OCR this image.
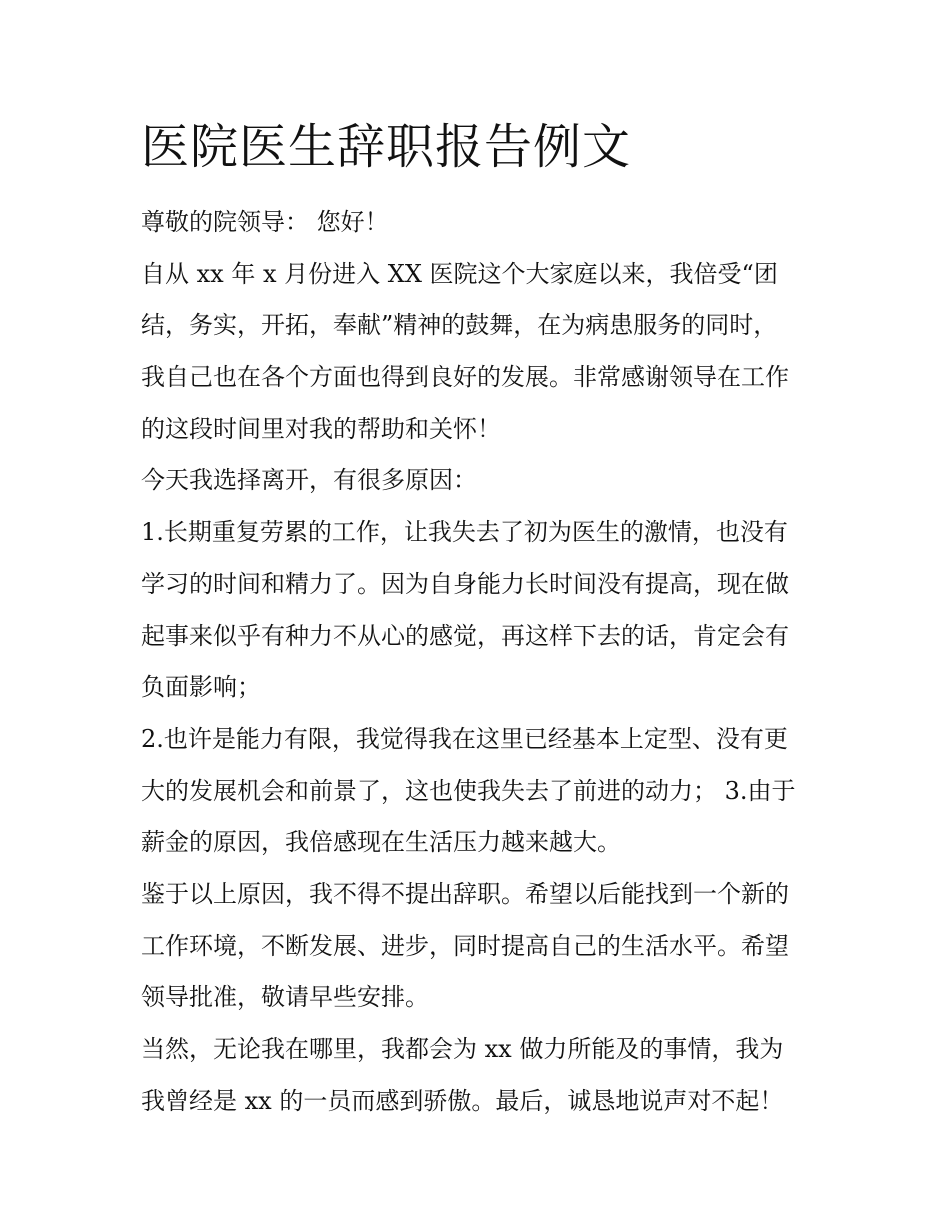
医院医生辞职报告例文
尊敬的院领导： 您好！
自从 xx 年 x 月份进入 XX 医院这个大家庭以来，我倍受“团
结，务实，开拓，奉献”精神的鼓舞，在为病患服务的同时，
我自己也在各个方面也得到良好的发展。非常感谢领导在工作
的这段时间里对我的帮助和关怀！
今天我选择离开，有很多原因：
1.长期重复劳累的工作，让我失去了初为医生的激情，也没有
学习的时间和精力了。因为自身能力长时间没有提高，现在做
起事来似乎有种力不从心的感觉，再这样下去的话，肯定会有
负面影响；
2.也许是能力有限，我觉得我在这里已经基本上定型、没有更
大的发展机会和前景了，这也使我失去了前进的动力； 3.由于
薪金的原因，我倍感现在生活压力越来越大。
鉴于以上原因，我不得不提出辞职。希望以后能找到一个新的
工作环境，不断发展、进步，同时提高自己的生活水平。希望
领导批准，敬请早些安排。
当然，无论我在哪里，我都会为 xx 做力所能及的事情，我为
我曾经是 xx 的一员而感到骄傲。最后，诚恳地说声对不起！
